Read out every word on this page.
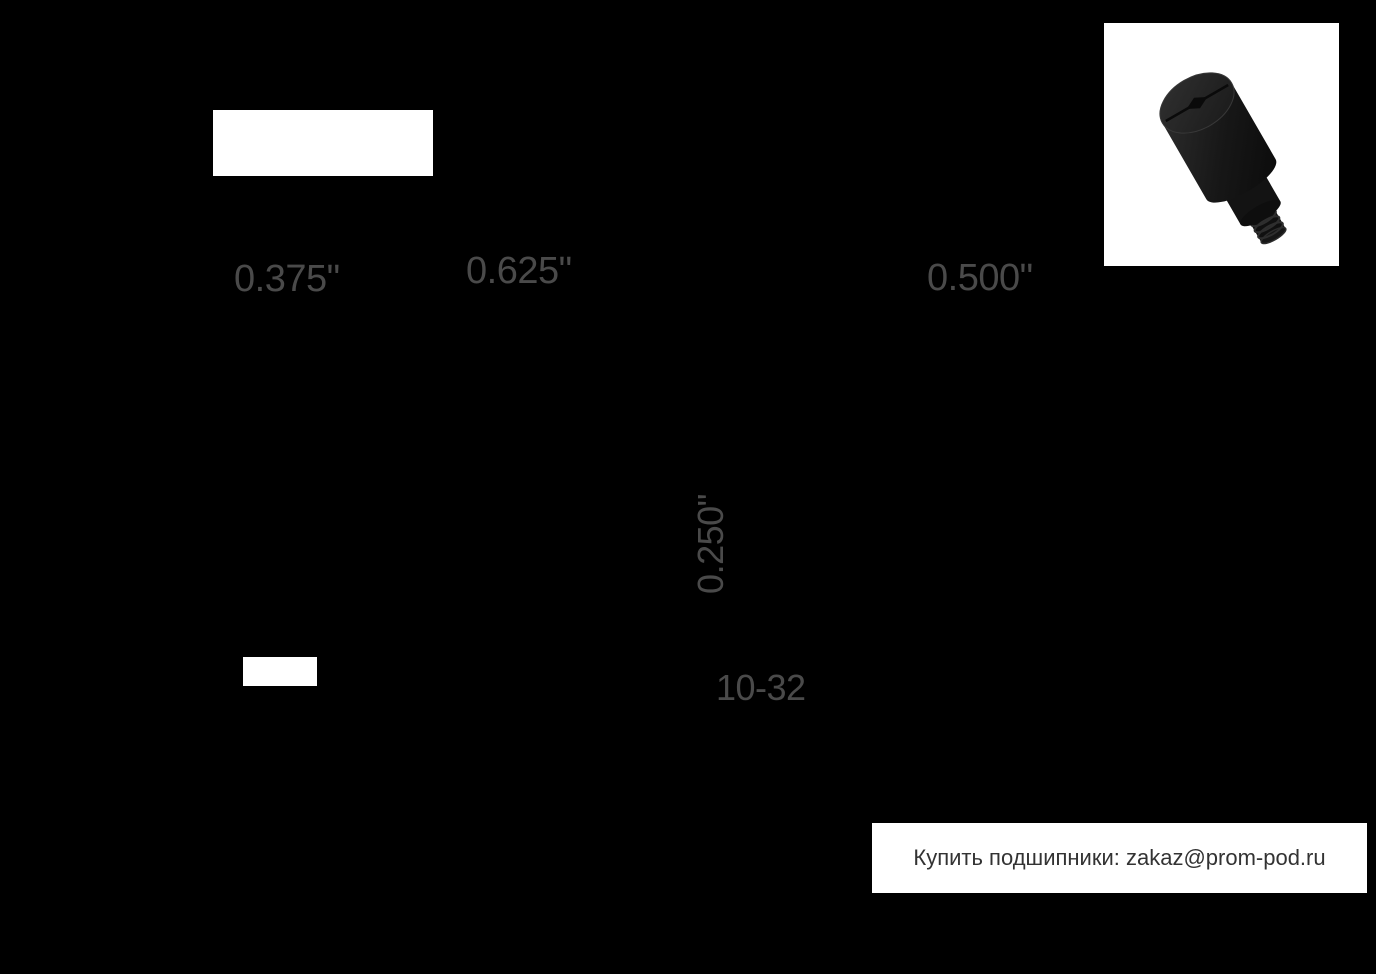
0.375"	0.625"	0.500"
0.250"
10-32
Купить подшипники: zakaz@prom-pod.ru
